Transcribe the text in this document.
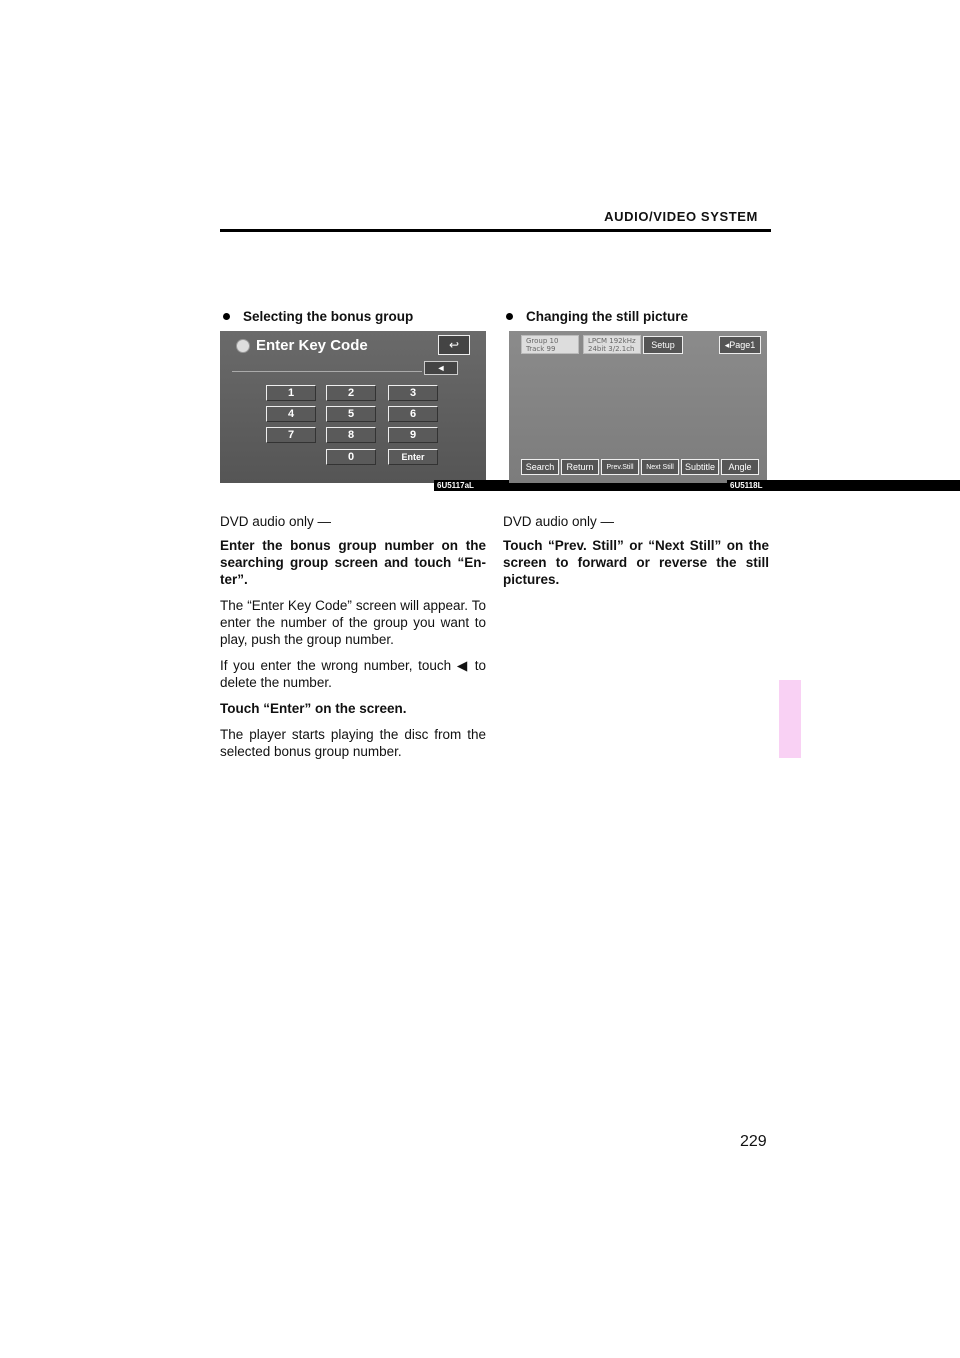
AUDIO/VIDEO SYSTEM
Selecting the bonus group
Enter Key Code	↩
◄
1	2	3
4	5	6
7	8	9
0	Enter

DVD audio only —

Enter the bonus group number on the searching group screen and touch “En- ter”.

The “Enter Key Code” screen will appear. To enter the number of the group you want to play, push the group number.

If you enter the wrong number, touch ◀ to delete the number.

Touch “Enter” on the screen.

The player starts playing the disc from the selected bonus group number.

6U5117aL
Changing the still picture
Group 10
Track 99
LPCM 192kHz
24bit 3/2.1ch	Setup	◂Page1
Search	Return	Prev.Still	Next Still	Subtitle	Angle

DVD audio only —

Touch “Prev. Still” or “Next Still” on the screen to forward or reverse the still pictures.

6U5118L
229
